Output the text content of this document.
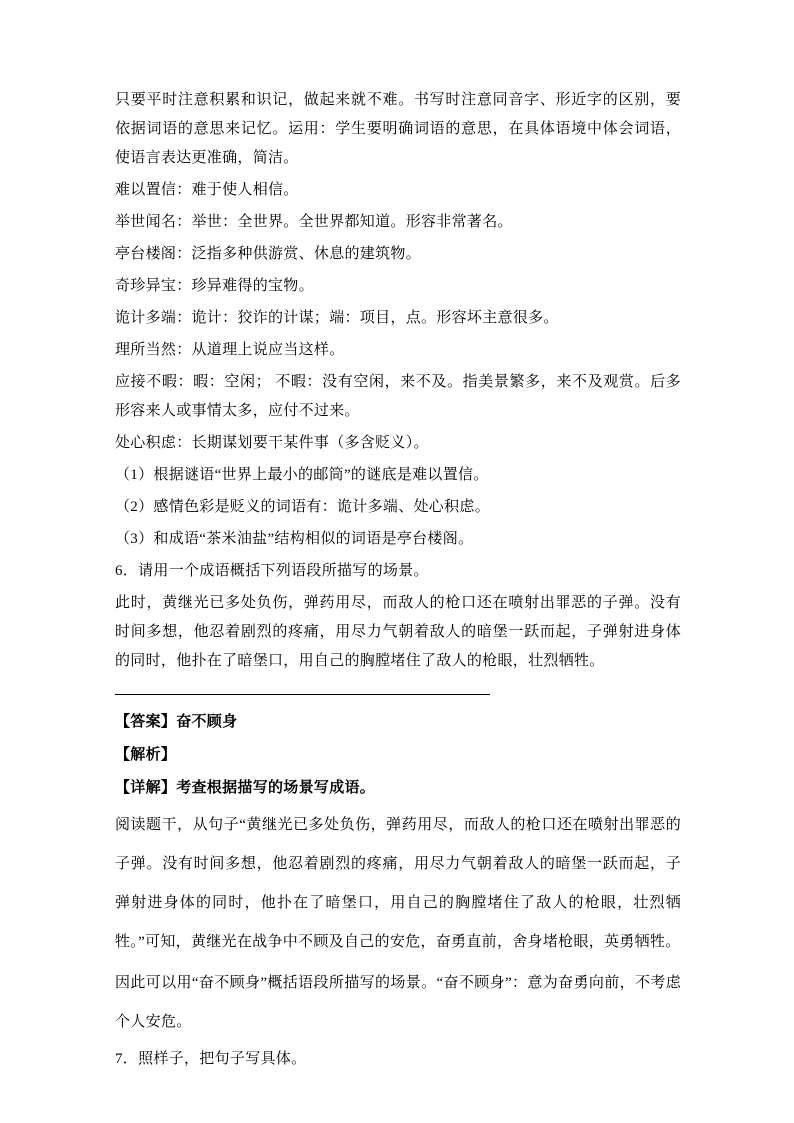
只要平时注意积累和识记，做起来就不难。书写时注意同音字、形近字的区别，要依据词语的意思来记忆。运用：学生要明确词语的意思，在具体语境中体会词语，使语言表达更准确，简洁。

难以置信：难于使人相信。

举世闻名：举世：全世界。全世界都知道。形容非常著名。

亭台楼阁：泛指多种供游赏、休息的建筑物。

奇珍异宝：珍异难得的宝物。

诡计多端：诡计：狡诈的计谋；端：项目，点。形容坏主意很多。

理所当然：从道理上说应当这样。

应接不暇：暇：空闲； 不暇：没有空闲，来不及。指美景繁多，来不及观赏。后多形容来人或事情太多，应付不过来。

处心积虑：长期谋划要干某件事（多含贬义）。

（1）根据谜语“世界上最小的邮筒”的谜底是难以置信。

（2）感情色彩是贬义的词语有：诡计多端、处心积虑。

（3）和成语“茶米油盐”结构相似的词语是亭台楼阁。

6．请用一个成语概括下列语段所描写的场景。

此时，黄继光已多处负伤，弹药用尽，而敌人的枪口还在喷射出罪恶的子弹。没有时间多想，他忍着剧烈的疼痛，用尽力气朝着敌人的暗堡一跃而起，子弹射进身体的同时，他扑在了暗堡口，用自己的胸膛堵住了敌人的枪眼，壮烈牺牲。

【答案】奋不顾身

【解析】

【详解】考查根据描写的场景写成语。

阅读题干，从句子“黄继光已多处负伤，弹药用尽，而敌人的枪口还在喷射出罪恶的子弹。没有时间多想，他忍着剧烈的疼痛，用尽力气朝着敌人的暗堡一跃而起，子弹射进身体的同时，他扑在了暗堡口，用自己的胸膛堵住了敌人的枪眼，壮烈牺牲。”可知，黄继光在战争中不顾及自己的安危，奋勇直前，舍身堵枪眼，英勇牺牲。

因此可以用“奋不顾身”概括语段所描写的场景。“奋不顾身”：意为奋勇向前，不考虑个人安危。

7．照样子，把句子写具体。
